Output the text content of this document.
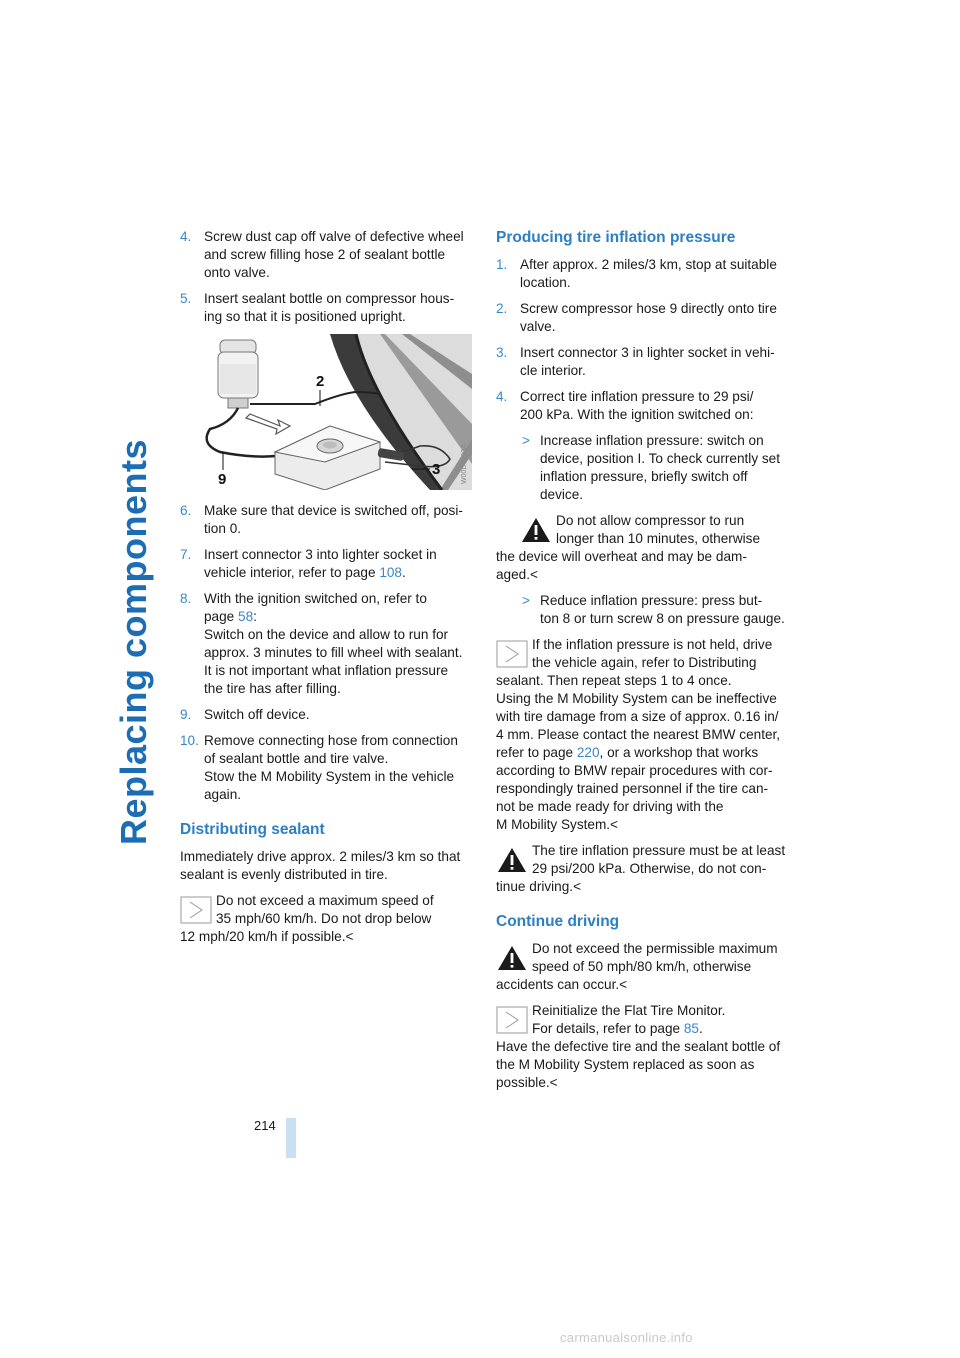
Replacing components
4. Screw dust cap off valve of defective wheel
and screw filling hose 2 of sealant bottle
onto valve.
5. Insert sealant bottle on compressor hous-
ing so that it is positioned upright.
2
9
3	W00D6000A
6. Make sure that device is switched off, posi-
tion 0.
7. Insert connector 3 into lighter socket in
vehicle interior, refer to page 108.
8. With the ignition switched on, refer to
page 58:
Switch on the device and allow to run for
approx. 3 minutes to fill wheel with sealant.
It is not important what inflation pressure
the tire has after filling.
9. Switch off device.
10. Remove connecting hose from connection
of sealant bottle and tire valve.
Stow the M Mobility System in the vehicle
again.
Distributing sealant
Immediately drive approx. 2 miles/3 km so that
sealant is evenly distributed in tire.
Do not exceed a maximum speed of
35 mph/60 km/h. Do not drop below
12 mph/20 km/h if possible.<
Producing tire inflation pressure
1. After approx. 2 miles/3 km, stop at suitable
location.
2. Screw compressor hose 9 directly onto tire
valve.
3. Insert connector 3 in lighter socket in vehi-
cle interior.
4. Correct tire inflation pressure to 29 psi/
200 kPa. With the ignition switched on:
> Increase inflation pressure: switch on
device, position I. To check currently set
inflation pressure, briefly switch off
device.
Do not allow compressor to run
longer than 10 minutes, otherwise
the device will overheat and may be dam-
aged.<
> Reduce inflation pressure: press but-
ton 8 or turn screw 8 on pressure gauge.
If the inflation pressure is not held, drive
the vehicle again, refer to Distributing
sealant. Then repeat steps 1 to 4 once.
Using the M Mobility System can be ineffective
with tire damage from a size of approx. 0.16 in/
4 mm. Please contact the nearest BMW center,
refer to page 220, or a workshop that works
according to BMW repair procedures with cor-
respondingly trained personnel if the tire can-
not be made ready for driving with the
M Mobility System.<
The tire inflation pressure must be at least
29 psi/200 kPa. Otherwise, do not con-
tinue driving.<
Continue driving
Do not exceed the permissible maximum
speed of 50 mph/80 km/h, otherwise
accidents can occur.<
Reinitialize the Flat Tire Monitor.
For details, refer to page 85.
Have the defective tire and the sealant bottle of
the M Mobility System replaced as soon as
possible.<
214
carmanualsonline.info
